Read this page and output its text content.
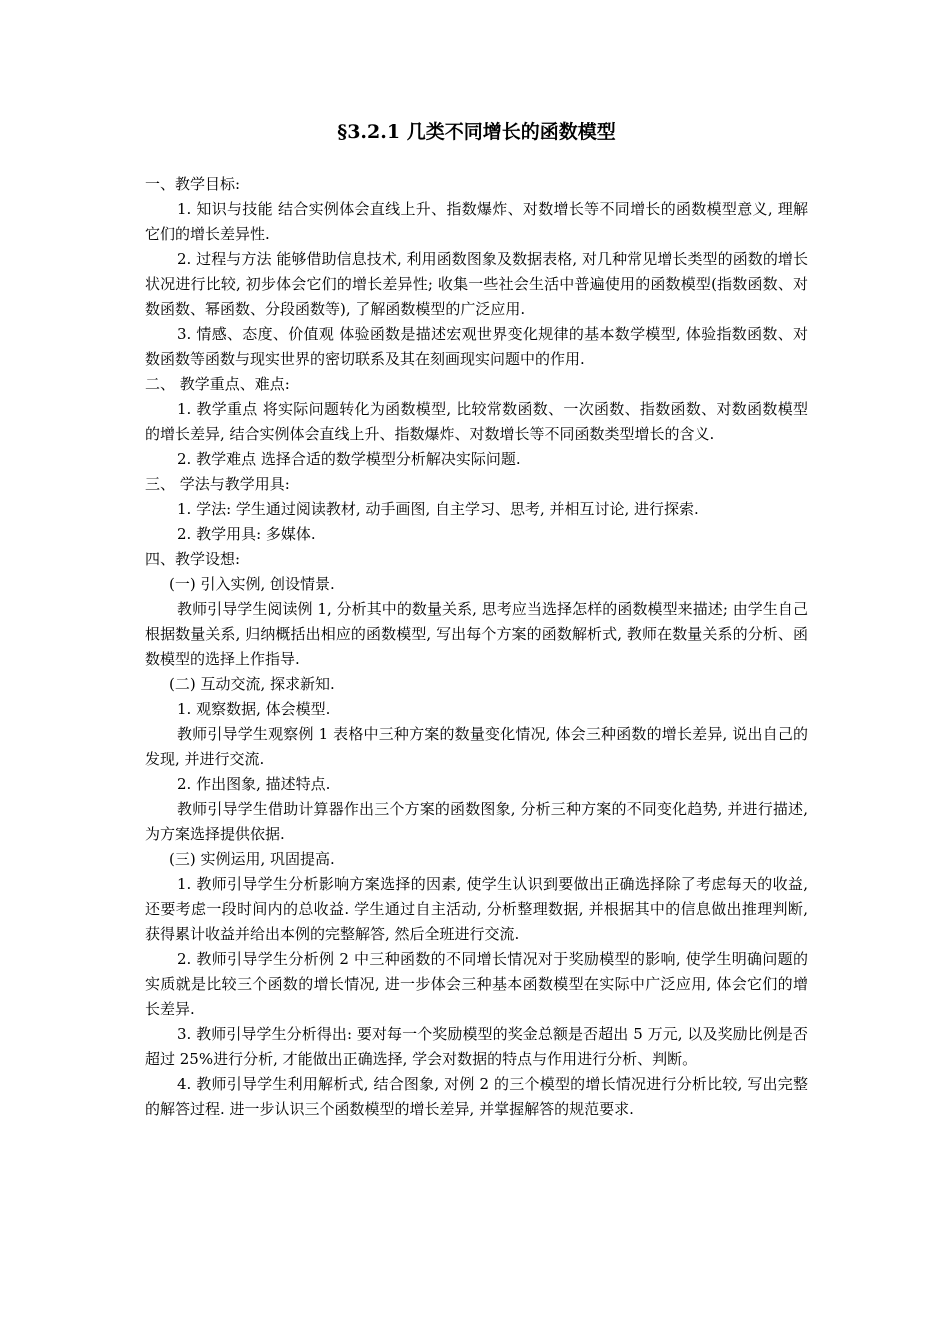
§3.2.1 几类不同增长的函数模型
一、教学目标:
1. 知识与技能 结合实例体会直线上升、指数爆炸、对数增长等不同增长的函数模型意义, 理解它们的增长差异性.
2. 过程与方法 能够借助信息技术, 利用函数图象及数据表格, 对几种常见增长类型的函数的增长状况进行比较, 初步体会它们的增长差异性; 收集一些社会生活中普遍使用的函数模型(指数函数、对数函数、幂函数、分段函数等), 了解函数模型的广泛应用.
3. 情感、态度、价值观 体验函数是描述宏观世界变化规律的基本数学模型, 体验指数函数、对数函数等函数与现实世界的密切联系及其在刻画现实问题中的作用.
二、 教学重点、难点:
1. 教学重点 将实际问题转化为函数模型, 比较常数函数、一次函数、指数函数、对数函数模型的增长差异, 结合实例体会直线上升、指数爆炸、对数增长等不同函数类型增长的含义.
2. 教学难点 选择合适的数学模型分析解决实际问题.
三、 学法与教学用具:
1. 学法: 学生通过阅读教材, 动手画图, 自主学习、思考, 并相互讨论, 进行探索.
2. 教学用具: 多媒体.
四、教学设想:
(一) 引入实例, 创设情景.
教师引导学生阅读例 1, 分析其中的数量关系, 思考应当选择怎样的函数模型来描述; 由学生自己根据数量关系, 归纳概括出相应的函数模型, 写出每个方案的函数解析式, 教师在数量关系的分析、函数模型的选择上作指导.
(二) 互动交流, 探求新知.
1. 观察数据, 体会模型.
教师引导学生观察例 1 表格中三种方案的数量变化情况, 体会三种函数的增长差异, 说出自己的发现, 并进行交流.
2. 作出图象, 描述特点.
教师引导学生借助计算器作出三个方案的函数图象, 分析三种方案的不同变化趋势, 并进行描述, 为方案选择提供依据.
(三) 实例运用, 巩固提高.
1. 教师引导学生分析影响方案选择的因素, 使学生认识到要做出正确选择除了考虑每天的收益, 还要考虑一段时间内的总收益. 学生通过自主活动, 分析整理数据, 并根据其中的信息做出推理判断, 获得累计收益并给出本例的完整解答, 然后全班进行交流.
2. 教师引导学生分析例 2 中三种函数的不同增长情况对于奖励模型的影响, 使学生明确问题的实质就是比较三个函数的增长情况, 进一步体会三种基本函数模型在实际中广泛应用, 体会它们的增长差异.
3. 教师引导学生分析得出: 要对每一个奖励模型的奖金总额是否超出 5 万元, 以及奖励比例是否超过 25%进行分析, 才能做出正确选择, 学会对数据的特点与作用进行分析、判断。
4. 教师引导学生利用解析式, 结合图象, 对例 2 的三个模型的增长情况进行分析比较, 写出完整的解答过程. 进一步认识三个函数模型的增长差异, 并掌握解答的规范要求.
